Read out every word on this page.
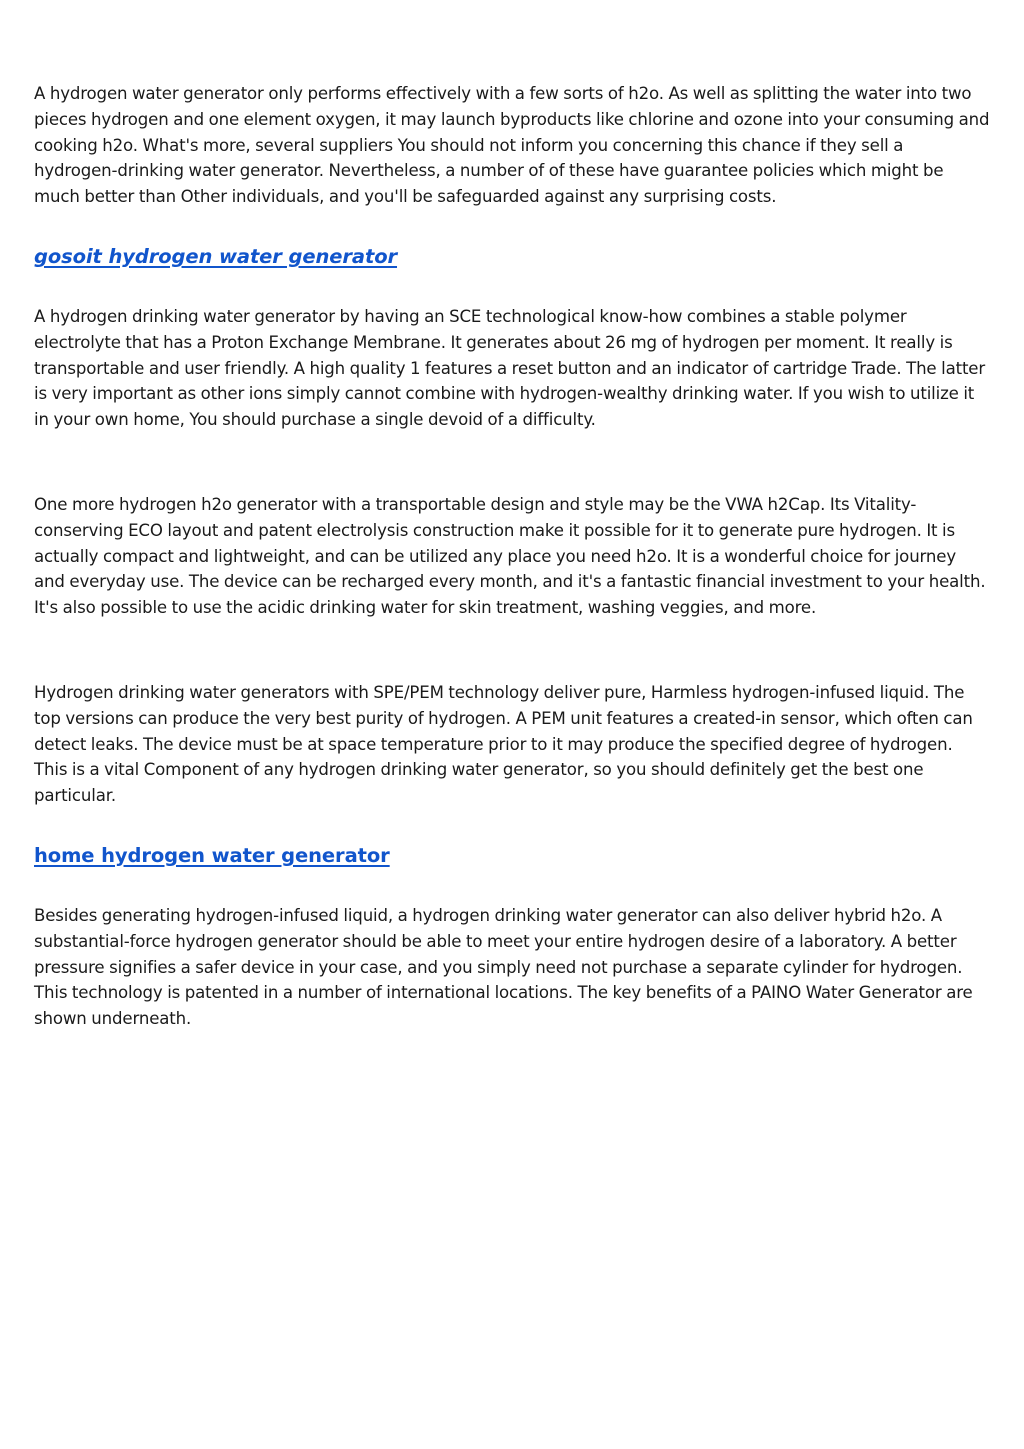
A hydrogen water generator only performs effectively with a few sorts of h2o. As well as splitting the water into two pieces hydrogen and one element oxygen, it may launch byproducts like chlorine and ozone into your consuming and cooking h2o. What's more, several suppliers You should not inform you concerning this chance if they sell a hydrogen-drinking water generator. Nevertheless, a number of of these have guarantee policies which might be much better than Other individuals, and you'll be safeguarded against any surprising costs.

gosoit hydrogen water generator

A hydrogen drinking water generator by having an SCE technological know-how combines a stable polymer electrolyte that has a Proton Exchange Membrane. It generates about 26 mg of hydrogen per moment. It really is transportable and user friendly. A high quality 1 features a reset button and an indicator of cartridge Trade. The latter is very important as other ions simply cannot combine with hydrogen-wealthy drinking water. If you wish to utilize it in your own home, You should purchase a single devoid of a difficulty.

One more hydrogen h2o generator with a transportable design and style may be the VWA h2Cap. Its Vitality-conserving ECO layout and patent electrolysis construction make it possible for it to generate pure hydrogen. It is actually compact and lightweight, and can be utilized any place you need h2o. It is a wonderful choice for journey and everyday use. The device can be recharged every month, and it's a fantastic financial investment to your health. It's also possible to use the acidic drinking water for skin treatment, washing veggies, and more.

Hydrogen drinking water generators with SPE/PEM technology deliver pure, Harmless hydrogen-infused liquid. The top versions can produce the very best purity of hydrogen. A PEM unit features a created-in sensor, which often can detect leaks. The device must be at space temperature prior to it may produce the specified degree of hydrogen. This is a vital Component of any hydrogen drinking water generator, so you should definitely get the best one particular.

home hydrogen water generator

Besides generating hydrogen-infused liquid, a hydrogen drinking water generator can also deliver hybrid h2o. A substantial-force hydrogen generator should be able to meet your entire hydrogen desire of a laboratory. A better pressure signifies a safer device in your case, and you simply need not purchase a separate cylinder for hydrogen. This technology is patented in a number of international locations. The key benefits of a PAINO Water Generator are shown underneath.
